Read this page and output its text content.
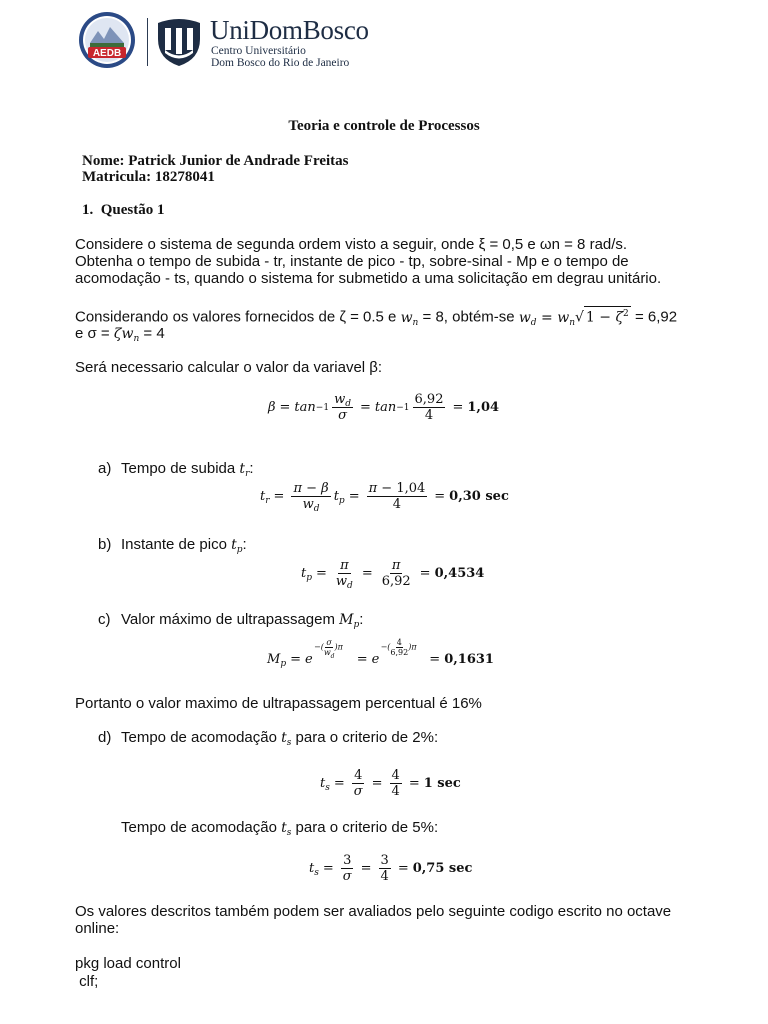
AEDB
UniDomBosco
Centro Universitário
Dom Bosco do Rio de Janeiro
Teoria e controle de Processos
Nome: Patrick Junior de Andrade Freitas
Matricula: 18278041
1. Questão 1
Considere o sistema de segunda ordem visto a seguir, onde ξ = 0,5 e ωn = 8 rad/s.
Obtenha o tempo de subida - tr, instante de pico - tp, sobre-sinal - Mp e o tempo de
acomodação - ts, quando o sistema for submetido a uma solicitação em degrau unitário.
Considerando os valores fornecidos de ζ = 0.5 e $w_n = 8$, obtém-se $w_d = w_n√$ $1 - \zeta^2 = 6,92$
e $\sigma = \zeta w_n = 4$
Será necessario calcular o valor da variavel β:
$\beta = \tan -1 \frac{w_d}{\sigma} = \tan -1 \frac{6,92}{4} = 1,04$
a) Tempo de subida $t_r$:
$t_r = \frac{\pi - \beta}{w_d} t_p = \frac{\pi - 1,04}{4} = 0,30$ sec
b) Instante de pico $t_p$:
$t_p = \frac{\pi}{w_d} = \frac{\pi}{6,92} = 0,4534$
c) Valor máximo de ultrapassagem $M_p$:
$M_p = e$
−( $\frac{\sigma}{w_d} )\pi$
= e
−( $\frac{4}{6,92} )\pi$
= 0,1631
Portanto o valor maximo de ultrapassagem percentual é 16%
d) Tempo de acomodação $t_s$ para o criterio de 2%:
$t_s = \frac{4}{\sigma} = \frac{4}{4} = 1$ sec
Tempo de acomodação $t_s$ para o criterio de 5%:
$t_s = \frac{3}{\sigma} = \frac{3}{4} = 0,75$ sec
Os valores descritos também podem ser avaliados pelo seguinte codigo escrito no octave
online:
pkg load control
clf;
